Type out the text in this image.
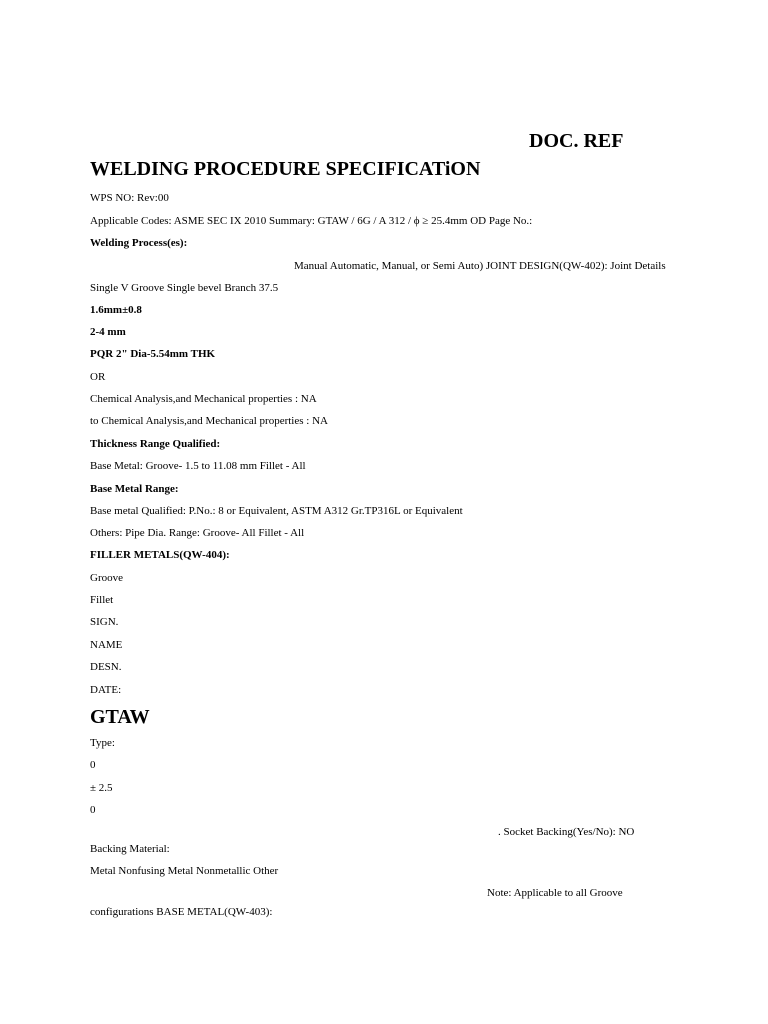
DOC. REF
WELDING PROCEDURE SPECIFICATiON
WPS NO: Rev:00
Applicable Codes: ASME SEC IX 2010 Summary: GTAW / 6G / A 312 / ϕ ≥ 25.4mm OD Page No.:
Welding Process(es):
Manual Automatic, Manual, or Semi Auto) JOINT DESIGN(QW-402): Joint Details
Single V Groove Single bevel Branch 37.5
1.6mm±0.8
2-4 mm
PQR 2" Dia-5.54mm THK
OR
Chemical Analysis,and Mechanical properties : NA
to Chemical Analysis,and Mechanical properties : NA
Thickness Range Qualified:
Base Metal: Groove- 1.5 to 11.08 mm Fillet - All
Base Metal Range:
Base metal Qualified: P.No.: 8 or Equivalent, ASTM A312 Gr.TP316L or Equivalent
Others: Pipe Dia. Range: Groove- All Fillet - All
FILLER METALS(QW-404):
Groove
Fillet
SIGN.
NAME
DESN.
DATE:
GTAW
Type:
0
± 2.5
0
. Socket Backing(Yes/No): NO
Backing Material:
Metal Nonfusing Metal Nonmetallic Other
Note: Applicable to all Groove
configurations BASE METAL(QW-403):
